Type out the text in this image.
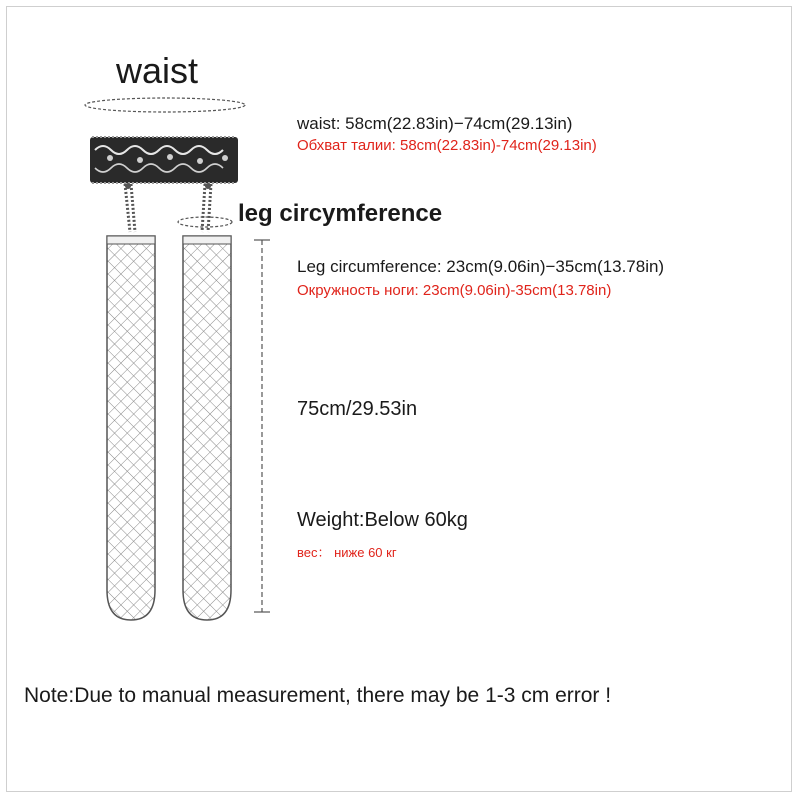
waist
leg circymference
waist: 58cm(22.83in)−74cm(29.13in)
Обхват талии: 58cm(22.83in)-74cm(29.13in)
Leg circumference: 23cm(9.06in)−35cm(13.78in)
Окружность ноги: 23cm(9.06in)-35cm(13.78in)
75cm/29.53in
Weight:Below 60kg
вес： ниже 60 кг
Note:Due to manual measurement, there may be 1-3 cm error !
